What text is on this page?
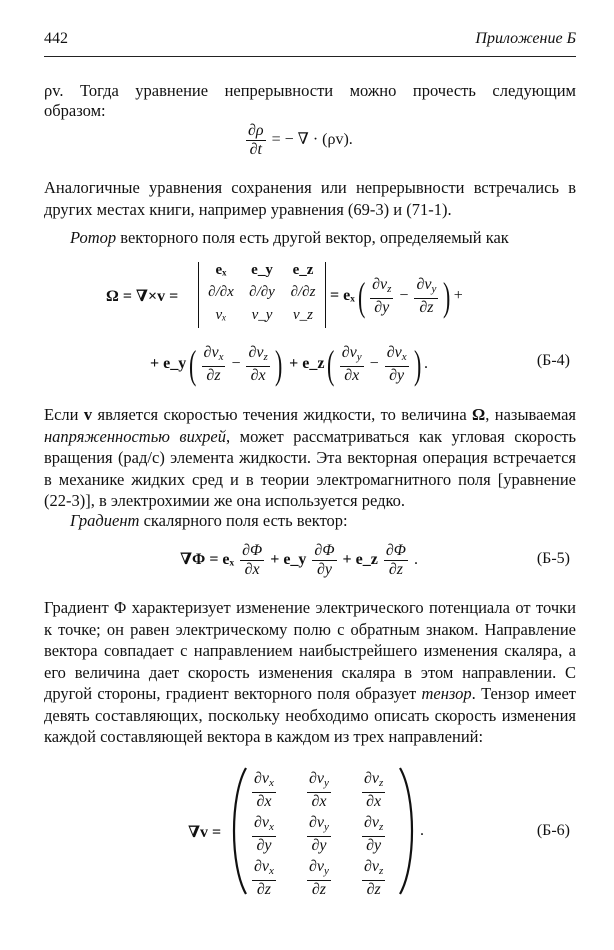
442	Приложение Б
ρv. Тогда уравнение непрерывности можно прочесть следующим
образом:
$\frac{\partial\rho}{\partial t}$ = − ∇ · (ρv).
Аналогичные уравнения сохранения или непрерывности встречались в других местах книги, например уравнения (69-3) и (71-1).
Ротор векторного поля есть другой вектор, определяемый как
Ω = ∇×v =
eₓ	e_y	e_z
∂/∂x	∂/∂y	∂/∂z
vₓ	v_y	v_z
= $e_x( \frac{\partial v_z}{\partial y} - \frac{\partial v_y}{\partial z}$ ) +
+ e_y( $\frac{\partial v_x}{\partial z} - \frac{\partial v_z}{\partial x}$ ) + e_z( $\frac{\partial v_y}{\partial x} - \frac{\partial v_x}{\partial y}$ ) .	(Б-4)
Если v является скоростью течения жидкости, то величина Ω, называемая напряженностью вихрей, может рассматриваться как угловая скорость вращения (рад/с) элемента жидкости. Эта векторная операция встречается в механике жидких сред и в теории электромагнитного поля [уравнение (22-3)], в электрохимии же она используется редко.
Градиент скалярного поля есть вектор:
∇Φ = eₓ $\frac{\partial\Phi}{\partial x}$ + e_y $\frac{\partial\Phi}{\partial y}$ + e_z $\frac{\partial\Phi}{\partial z}$ .	(Б-5)
Градиент Φ характеризует изменение электрического потенциала от точки к точке; он равен электрическому полю с обратным знаком. Направление вектора совпадает с направлением наибыстрейшего изменения скаляра, а его величина дает скорость изменения скаляра в этом направлении. С другой стороны, градиент векторного поля образует тензор. Тензор имеет девять составляющих, поскольку необходимо описать скорость изменения каждой составляющей вектора в каждом из трех направлений:
∇v =	.
$\frac{\partial v_x}{\partial x} \frac{\partial v_y}{\partial x} \frac{\partial v_z}{\partial x}$
$\frac{\partial v_x}{\partial y} \frac{\partial v_y}{\partial y} \frac{\partial v_z}{\partial y}$
$\frac{\partial v_x}{\partial z} \frac{\partial v_y}{\partial z} \frac{\partial v_z}{\partial z}$
(Б-6)
